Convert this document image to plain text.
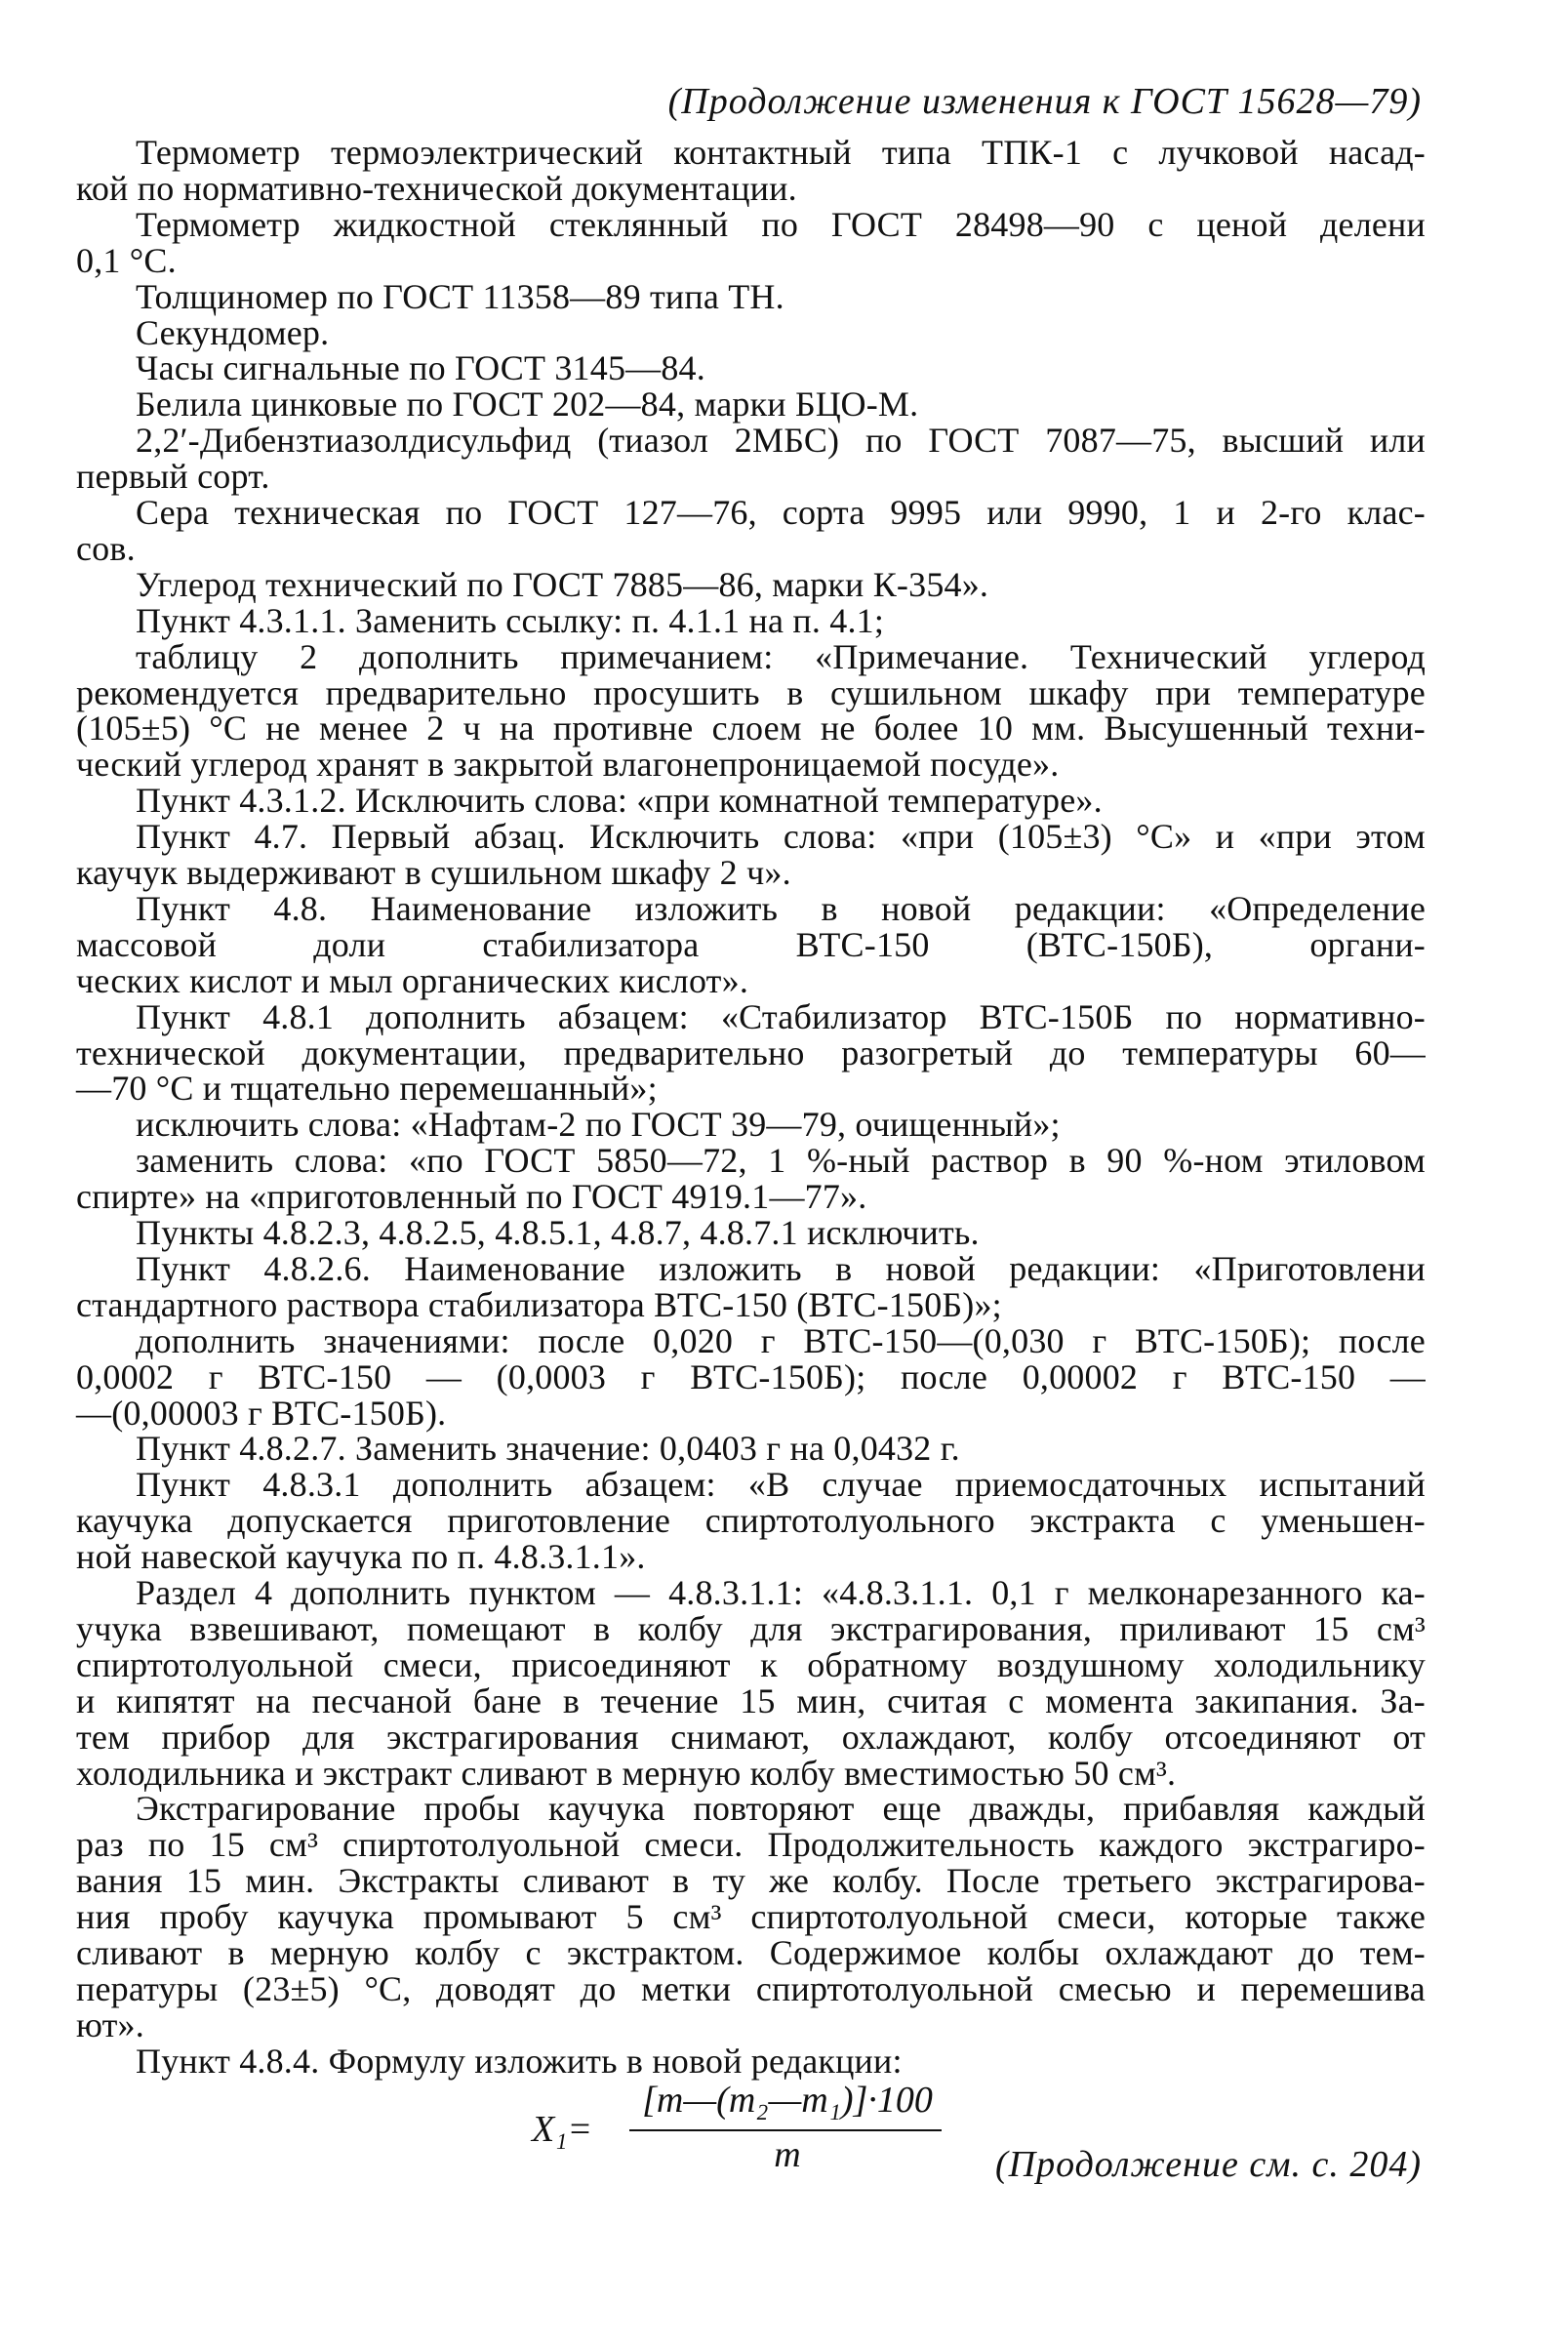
(Продолжение изменения к ГОСТ 15628—79)
Термометр термоэлектрический контактный типа ТПК-1 с лучковой насад-
кой по нормативно-технической документации.
Термометр жидкостной стеклянный по ГОСТ 28498—90 с ценой делени
0,1 °С.
Толщиномер по ГОСТ 11358—89 типа ТН.
Секундомер.
Часы сигнальные по ГОСТ 3145—84.
Белила цинковые по ГОСТ 202—84, марки БЦО-М.
2,2′-Дибензтиазолдисульфид (тиазол 2МБС) по ГОСТ 7087—75, высший или
первый сорт.
Сера техническая по ГОСТ 127—76, сорта 9995 или 9990, 1 и 2-го клас-
сов.
Углерод технический по ГОСТ 7885—86, марки К-354».
Пункт 4.3.1.1. Заменить ссылку: п. 4.1.1 на п. 4.1;
таблицу 2 дополнить примечанием: «Примечание. Технический углерод
рекомендуется предварительно просушить в сушильном шкафу при температуре
(105±5) °С не менее 2 ч на противне слоем не более 10 мм. Высушенный техни-
ческий углерод хранят в закрытой влагонепроницаемой посуде».
Пункт 4.3.1.2. Исключить слова: «при комнатной температуре».
Пункт 4.7. Первый абзац. Исключить слова: «при (105±3) °С» и «при этом
каучук выдерживают в сушильном шкафу 2 ч».
Пункт 4.8. Наименование изложить в новой редакции: «Определение
массовой доли стабилизатора ВТС-150 (ВТС-150Б), органи-
ческих кислот и мыл органических кислот».
Пункт 4.8.1 дополнить абзацем: «Стабилизатор ВТС-150Б по нормативно-
технической документации, предварительно разогретый до температуры 60—
—70 °С и тщательно перемешанный»;
исключить слова: «Нафтам-2 по ГОСТ 39—79, очищенный»;
заменить слова: «по ГОСТ 5850—72, 1 %-ный раствор в 90 %-ном этиловом
спирте» на «приготовленный по ГОСТ 4919.1—77».
Пункты 4.8.2.3, 4.8.2.5, 4.8.5.1, 4.8.7, 4.8.7.1 исключить.
Пункт 4.8.2.6. Наименование изложить в новой редакции: «Приготовлени
стандартного раствора стабилизатора ВТС-150 (ВТС-150Б)»;
дополнить значениями: после 0,020 г ВТС-150—(0,030 г ВТС-150Б); после
0,0002 г ВТС-150 — (0,0003 г ВТС-150Б); после 0,00002 г ВТС-150 —
—(0,00003 г ВТС-150Б).
Пункт 4.8.2.7. Заменить значение: 0,0403 г на 0,0432 г.
Пункт 4.8.3.1 дополнить абзацем: «В случае приемосдаточных испытаний
каучука допускается приготовление спиртотолуольного экстракта с уменьшен-
ной навеской каучука по п. 4.8.3.1.1».
Раздел 4 дополнить пунктом — 4.8.3.1.1: «4.8.3.1.1. 0,1 г мелконарезанного ка-
учука взвешивают, помещают в колбу для экстрагирования, приливают 15 см³
спиртотолуольной смеси, присоединяют к обратному воздушному холодильнику
и кипятят на песчаной бане в течение 15 мин, считая с момента закипания. За-
тем прибор для экстрагирования снимают, охлаждают, колбу отсоединяют от
холодильника и экстракт сливают в мерную колбу вместимостью 50 см³.
Экстрагирование пробы каучука повторяют еще дважды, прибавляя каждый
раз по 15 см³ спиртотолуольной смеси. Продолжительность каждого экстрагиро-
вания 15 мин. Экстракты сливают в ту же колбу. После третьего экстрагирова-
ния пробу каучука промывают 5 см³ спиртотолуольной смеси, которые также
сливают в мерную колбу с экстрактом. Содержимое колбы охлаждают до тем-
пературы (23±5) °С, доводят до метки спиртотолуольной смесью и перемешива
ют».
Пункт 4.8.4. Формулу изложить в новой редакции:
X₁=
[m—(m₂—m₁)]·100
m	(Продолжение см. с. 204)
